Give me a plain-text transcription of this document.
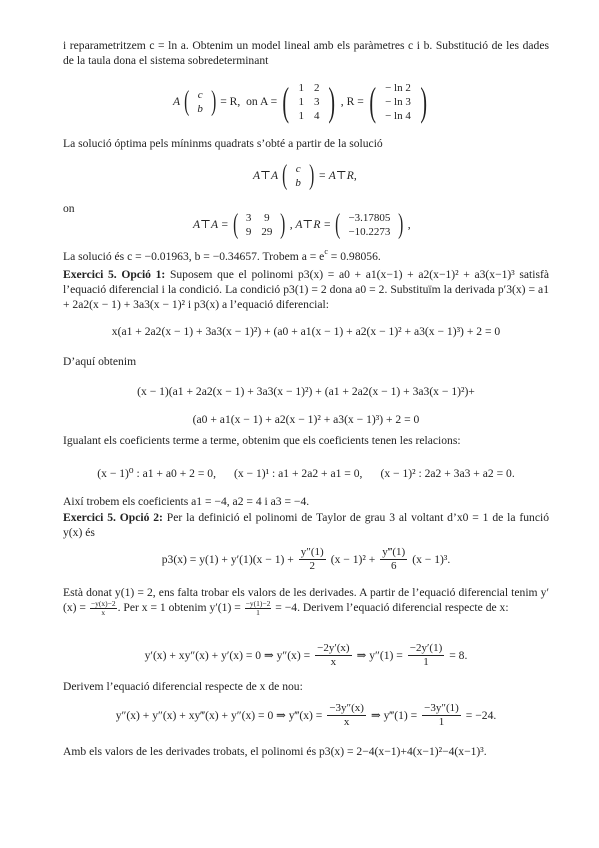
i reparametritzem c = ln a. Obtenim un model lineal amb els paràmetres c i b. Substitució de les dades de la taula dona el sistema sobredeterminant

A ( c
b ) = R,  on A = ( 1 2
1 3
1 4 ) , R = ( − ln 2
− ln 3
− ln 4 )

La solució óptima pels míninms quadrats s’obté a partir de la solució

A⊤A ( c
b ) = A⊤R,

on

A⊤A = ( 3 9
9 29 ) , A⊤R = ( −3.17805
−10.2273 ) ,

La solució és c = −0.01963, b = −0.34657. Trobem $a = e^c = 0.98056$.

Exercici 5. Opció 1: Suposem que el polinomi p3(x) = a0 + a1(x−1) + a2(x−1)² + a3(x−1)³ satisfà l’equació diferencial i la condició. La condició p3(1) = 2 dona a0 = 2. Substituïm la derivada p′3(x) = a1 + 2a2(x − 1) + 3a3(x − 1)² i p3(x) a l’equació diferencial:

x(a1 + 2a2(x − 1) + 3a3(x − 1)²) + (a0 + a1(x − 1) + a2(x − 1)² + a3(x − 1)³) + 2 = 0

D’aquí obtenim

(x − 1)(a1 + 2a2(x − 1) + 3a3(x − 1)²) + (a1 + 2a2(x − 1) + 3a3(x − 1)²)+
(a0 + a1(x − 1) + a2(x − 1)² + a3(x − 1)³) + 2 = 0

Igualant els coeficients terme a terme, obtenim que els coeficients tenen les relacions:

(x − 1)⁰ : a1 + a0 + 2 = 0, (x − 1)¹ : a1 + 2a2 + a1 = 0, (x − 1)² : 2a2 + 3a3 + a2 = 0.

Així trobem els coeficients a1 = −4, a2 = 4 i a3 = −4.

Exercici 5. Opció 2: Per la definició el polinomi de Taylor de grau 3 al voltant d’x0 = 1 de la funció y(x) és

$p3(x) = y(1) + y'(1)(x - 1) + \frac{y''(1)}{2} (x - 1)^2 + \frac{y‴(1)}{6} (x - 1)^3$.

Està donat y(1) = 2, ens falta trobar els valors de les derivades. A partir de l’equació diferencial tenim $y'(x) = \frac{-y(x)-2}{x}$ . Per x = 1 obtenim $y'(1) = \frac{-y(1)-2}{1} = -4$. Derivem l’equació diferencial respecte de x:

y′(x) + xy″(x) + y′(x) = 0 ⇒ $y''(x) = \frac{-2y'(x)}{x}$ ⇒ $y''(1) = \frac{-2y'(1)}{1} = 8$.

Derivem l’equació diferencial respecte de x de nou:

y″(x) + y″(x) + xy‴(x) + y″(x) = 0 ⇒ y‴(x) = $\frac{-3y''(x)}{x}$ ⇒ y‴(1) = $\frac{-3y''(1)}{1} = -24$.

Amb els valors de les derivades trobats, el polinomi és p3(x) = 2−4(x−1)+4(x−1)²−4(x−1)³.
